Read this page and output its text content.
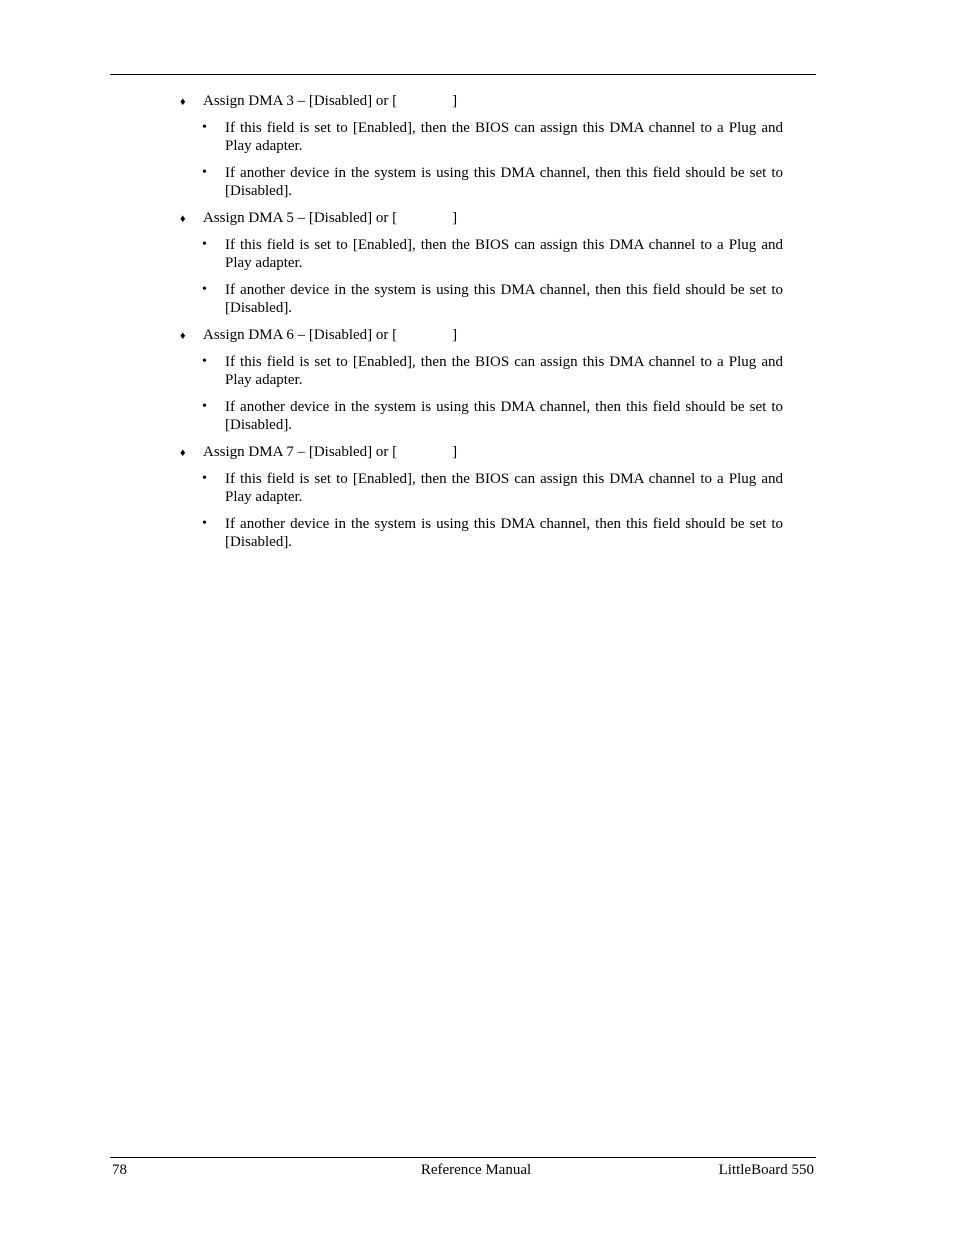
♦ Assign DMA 3 – [Disabled] or [	]
• If this field is set to [Enabled], then the BIOS can assign this DMA channel to a Plug and Play adapter.
• If another device in the system is using this DMA channel, then this field should be set to [Disabled].
♦ Assign DMA 5 – [Disabled] or [	]
• If this field is set to [Enabled], then the BIOS can assign this DMA channel to a Plug and Play adapter.
• If another device in the system is using this DMA channel, then this field should be set to [Disabled].
♦ Assign DMA 6 – [Disabled] or [	]
• If this field is set to [Enabled], then the BIOS can assign this DMA channel to a Plug and Play adapter.
• If another device in the system is using this DMA channel, then this field should be set to [Disabled].
♦ Assign DMA 7 – [Disabled] or [	]
• If this field is set to [Enabled], then the BIOS can assign this DMA channel to a Plug and Play adapter.
• If another device in the system is using this DMA channel, then this field should be set to [Disabled].
78	Reference Manual	LittleBoard 550
